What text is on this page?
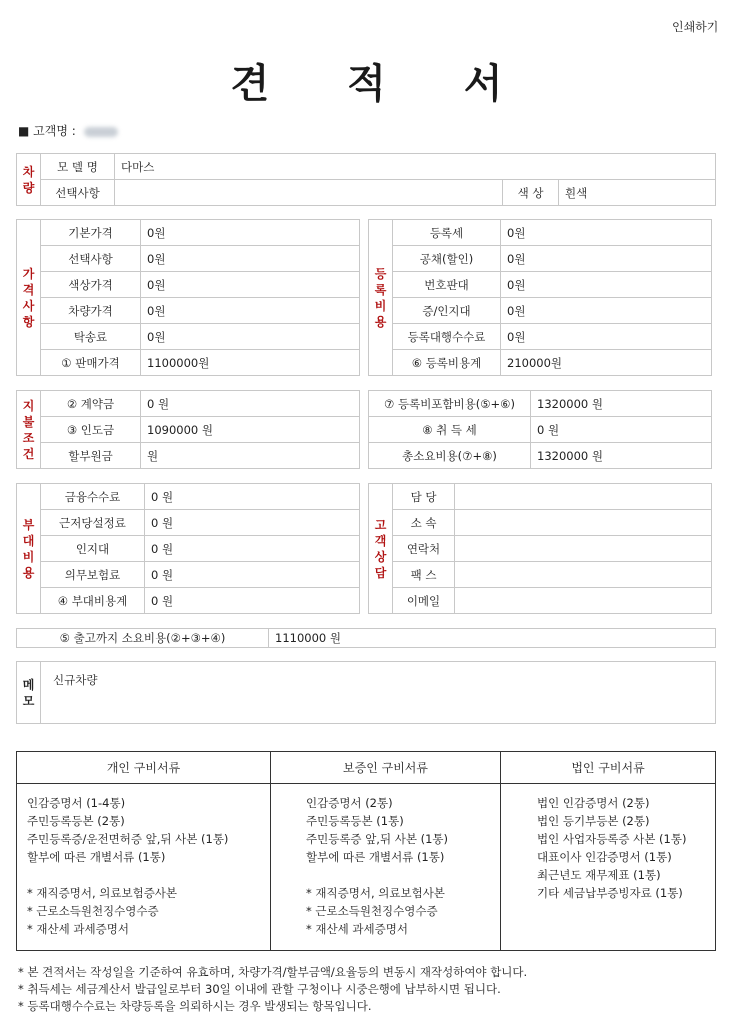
인쇄하기
견 적 서
■ 고객명 :
차
량	모 델 명	다마스		
	선택사항		색 상	흰색
가
격
사
항	기본가격	0원
	선택사항	0원
	색상가격	0원
	차량가격	0원
	탁송료	0원
	① 판매가격	1100000원
등
록
비
용	등록세	0원
	공채(할인)	0원
	번호판대	0원
	증/인지대	0원
	등록대행수수료	0원
	⑥ 등록비용계	210000원
지
불
조
건	② 계약금	0 원
	③ 인도금	1090000 원
	할부원금	원
⑦ 등록비포함비용(⑤+⑥)	1320000 원
⑧ 취 득 세	0 원
총소요비용(⑦+⑧)	1320000 원
부
대
비
용	금융수수료	0 원
	근저당설정료	0 원
	인지대	0 원
	의무보험료	0 원
	④ 부대비용계	0 원
고
객
상
담	담 당	
	소 속	
	연락처	
	팩 스	
	이메일	
⑤ 출고까지 소요비용(②+③+④)	1110000 원
메
모
	신규차량
개인 구비서류
인감증명서 (1-4통)
주민등록등본 (2통)
주민등록증/운전면허증 앞,뒤 사본 (1통)
할부에 따른 개별서류 (1통)
* 재직증명서, 의료보험증사본
* 근로소득원천징수영수증
* 재산세 과세증명서
보증인 구비서류
인감증명서 (2통)
주민등록등본 (1통)
주민등록증 앞,뒤 사본 (1통)
할부에 따른 개별서류 (1통)
* 재직증명서, 의료보험사본
* 근로소득원천징수영수증
* 재산세 과세증명서
법인 구비서류
법인 인감증명서 (2통)
법인 등기부등본 (2통)
법인 사업자등록증 사본 (1통)
대표이사 인감증명서 (1통)
최근년도 재무제표 (1통)
기타 세금납부증빙자료 (1통)
* 본 견적서는 작성일을 기준하여 유효하며, 차량가격/할부금액/요율등의 변동시 재작성하여야 합니다.
* 취득세는 세금계산서 발급일로부터 30일 이내에 관할 구청이나 시중은행에 납부하시면 됩니다.
* 등록대행수수료는 차량등록을 의뢰하시는 경우 발생되는 항목입니다.
